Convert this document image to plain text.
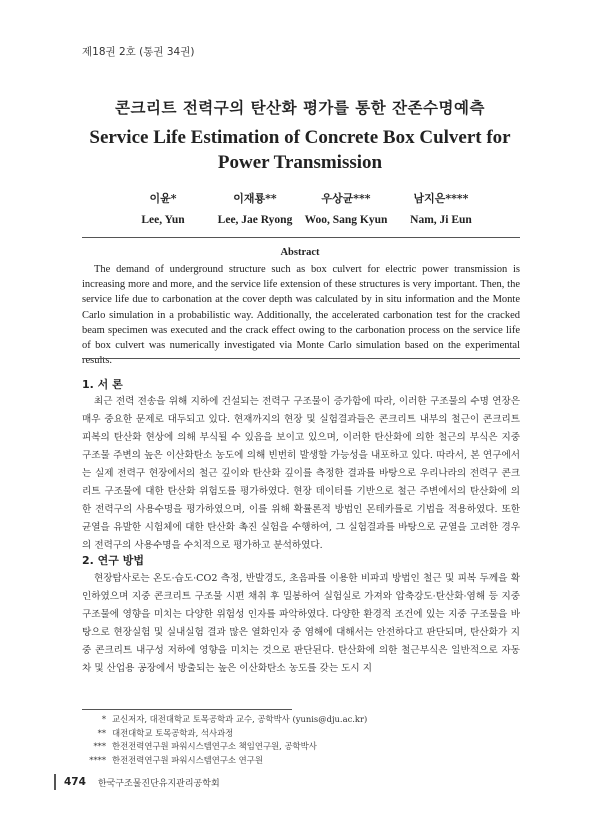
제18권 2호 (통권 34권)
콘크리트 전력구의 탄산화 평가를 통한 잔존수명예측
Service Life Estimation of Concrete Box Culvert for
Power Transmission
이윤*
Lee, Yun
이재룡**
Lee, Jae Ryong
우상균***
Woo, Sang Kyun
남지은****
Nam, Ji Eun
Abstract
The demand of underground structure such as box culvert for electric power transmission is increasing more and more, and the service life extension of these structures is very important. Then, the service life due to carbonation at the cover depth was calculated by in situ information and the Monte Carlo simulation in a probabilistic way. Additionally, the accelerated carbonation test for the cracked beam specimen was executed and the crack effect owing to the carbonation process on the service life of box culvert was numerically investigated via Monte Carlo simulation based on the experimental results.
1. 서 론
최근 전력 전송을 위해 지하에 건설되는 전력구 구조물이 증가함에 따라, 이러한 구조물의 수명 연장은 매우 중요한 문제로 대두되고 있다. 현재까지의 현장 및 실험결과들은 콘크리트 내부의 철근이 콘크리트 피복의 탄산화 현상에 의해 부식될 수 있음을 보이고 있으며, 이러한 탄산화에 의한 철근의 부식은 지중 구조물 주변의 높은 이산화탄소 농도에 의해 빈번히 발생할 가능성을 내포하고 있다. 따라서, 본 연구에서는 실제 전력구 현장에서의 철근 깊이와 탄산화 깊이를 측정한 결과를 바탕으로 우리나라의 전력구 콘크리트 구조물에 대한 탄산화 위험도를 평가하였다. 현장 데이터를 기반으로 철근 주변에서의 탄산화에 의한 전력구의 사용수명을 평가하였으며, 이를 위해 확률론적 방법인 몬테카를로 기법을 적용하였다. 또한 균열을 유발한 시험체에 대한 탄산화 촉진 실험을 수행하여, 그 실험결과를 바탕으로 균열을 고려한 경우의 전력구의 사용수명을 수치적으로 평가하고 분석하였다.
2. 연구 방법
현장탐사로는 온도·습도·CO2 측정, 반발경도, 초음파를 이용한 비파괴 방법인 철근 및 피복 두께을 확인하였으며 지중 콘크리트 구조물 시편 채취 후 밀봉하여 실험실로 가져와 압축강도·탄산화·염해 등 지중 구조물에 영향을 미치는 다양한 위험성 인자를 파악하였다. 다양한 환경적 조건에 있는 지중 구조물을 바탕으로 현장실험 및 실내실험 결과 많은 열화인자 중 염해에 대해서는 안전하다고 판단되며, 탄산화가 지중 콘크리트 내구성 저하에 영향을 미치는 것으로 판단된다. 탄산화에 의한 철근부식은 일반적으로 자동차 및 산업용 공장에서 방출되는 높은 이산화탄소 농도를 갖는 도시 지
* 교신저자, 대전대학교 토목공학과 교수, 공학박사 (yunis@dju.ac.kr)
** 대전대학교 토목공학과, 석사과정
*** 한전전력연구원 파워시스템연구소 책임연구원, 공학박사
**** 한전전력연구원 파워시스템연구소 연구원
474 한국구조물진단유지관리공학회
